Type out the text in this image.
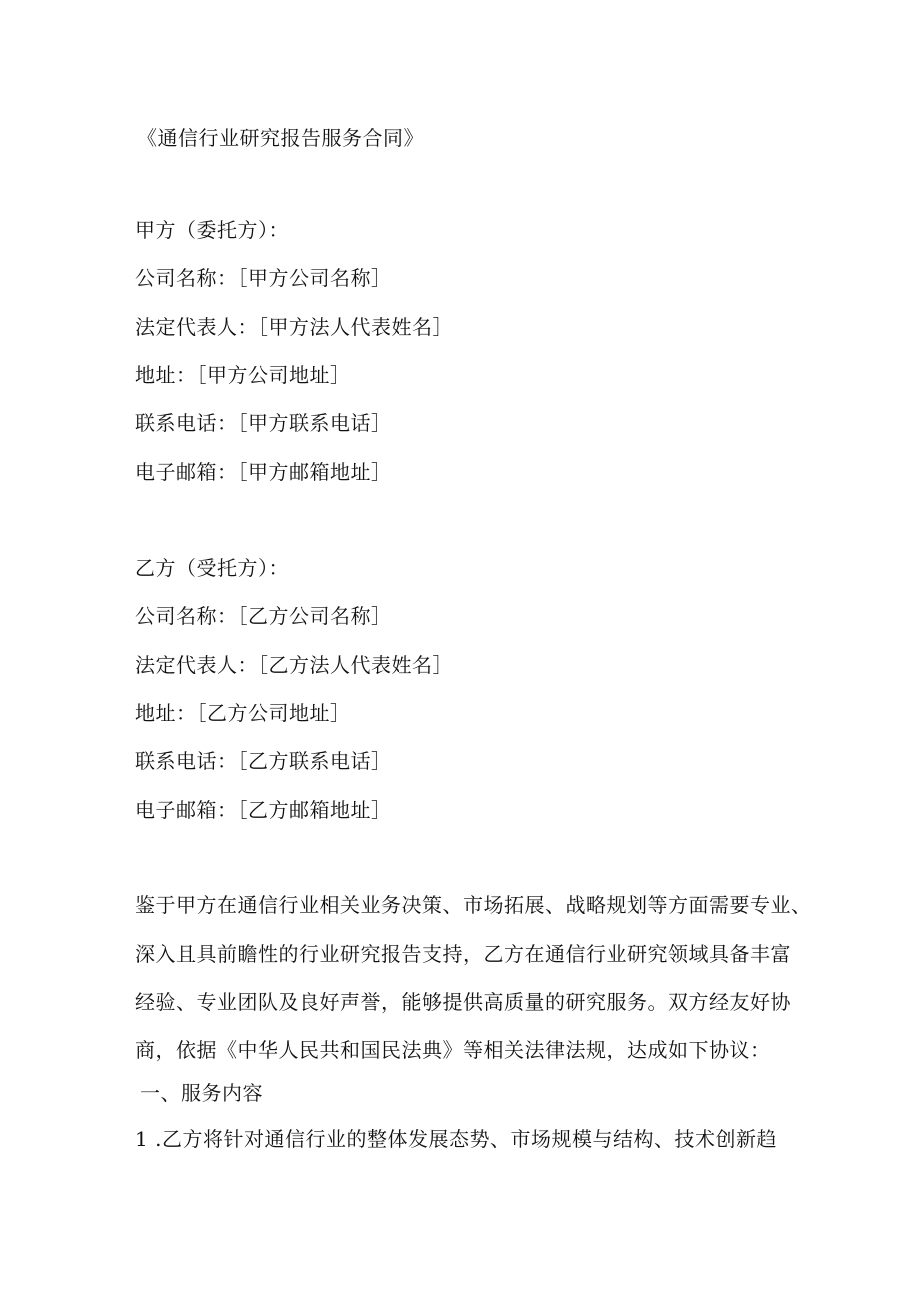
《通信行业研究报告服务合同》
甲方（委托方）：
公司名称：［甲方公司名称］
法定代表人：［甲方法人代表姓名］
地址：［甲方公司地址］
联系电话：［甲方联系电话］
电子邮箱：［甲方邮箱地址］
乙方（受托方）：
公司名称：［乙方公司名称］
法定代表人：［乙方法人代表姓名］
地址：［乙方公司地址］
联系电话：［乙方联系电话］
电子邮箱：［乙方邮箱地址］
鉴于甲方在通信行业相关业务决策、市场拓展、战略规划等方面需要专业、
深入且具前瞻性的行业研究报告支持，乙方在通信行业研究领域具备丰富
经验、专业团队及良好声誉，能够提供高质量的研究服务。双方经友好协
商，依据《中华人民共和国民法典》等相关法律法规，达成如下协议：
一、服务内容
1 .乙方将针对通信行业的整体发展态势、市场规模与结构、技术创新趋
